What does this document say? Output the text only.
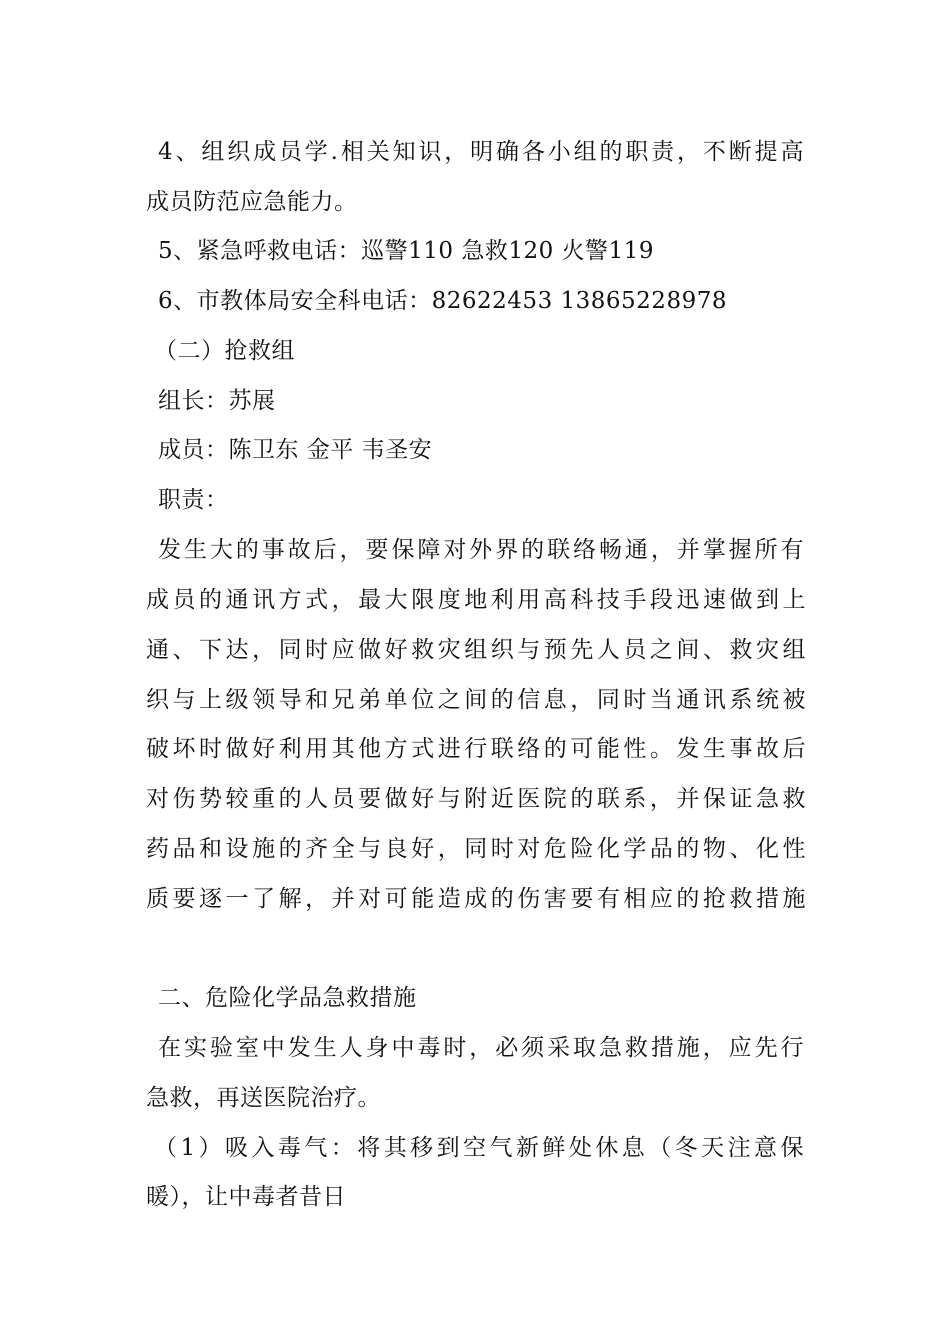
4、组织成员学.相关知识，明确各小组的职责，不断提高
成员防范应急能力。
5、紧急呼救电话：巡警110 急救120 火警119
6、市教体局安全科电话：82622453 13865228978
（二）抢救组
组长：苏展
成员：陈卫东 金平 韦圣安
职责：
发生大的事故后，要保障对外界的联络畅通，并掌握所有
成员的通讯方式，最大限度地利用高科技手段迅速做到上
通、下达，同时应做好救灾组织与预先人员之间、救灾组
织与上级领导和兄弟单位之间的信息，同时当通讯系统被
破坏时做好利用其他方式进行联络的可能性。发生事故后
对伤势较重的人员要做好与附近医院的联系，并保证急救
药品和设施的齐全与良好，同时对危险化学品的物、化性
质要逐一了解，并对可能造成的伤害要有相应的抢救措施
二、危险化学品急救措施
在实验室中发生人身中毒时，必须采取急救措施，应先行
急救，再送医院治疗。
（1）吸入毒气：将其移到空气新鲜处休息（冬天注意保
暖），让中毒者昔日
